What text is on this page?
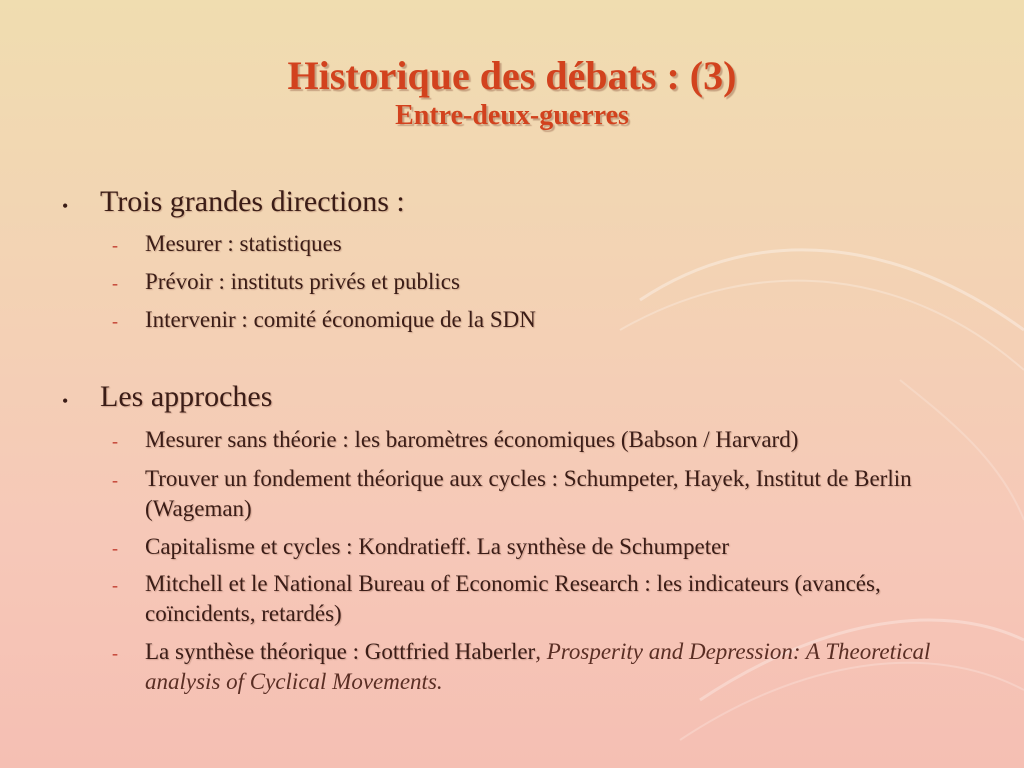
Historique des débats : (3)
Entre-deux-guerres
• Trois grandes directions :
- Mesurer : statistiques
- Prévoir : instituts privés et publics
- Intervenir : comité économique de la SDN
• Les approches
- Mesurer sans théorie : les baromètres économiques (Babson / Harvard)
- Trouver un fondement théorique aux cycles : Schumpeter, Hayek, Institut de Berlin (Wageman)
- Capitalisme et cycles : Kondratieff. La synthèse de Schumpeter
- Mitchell et le National Bureau of Economic Research : les indicateurs (avancés, coïncidents, retardés)
- La synthèse théorique : Gottfried Haberler, Prosperity and Depression: A Theoretical analysis of Cyclical Movements.
